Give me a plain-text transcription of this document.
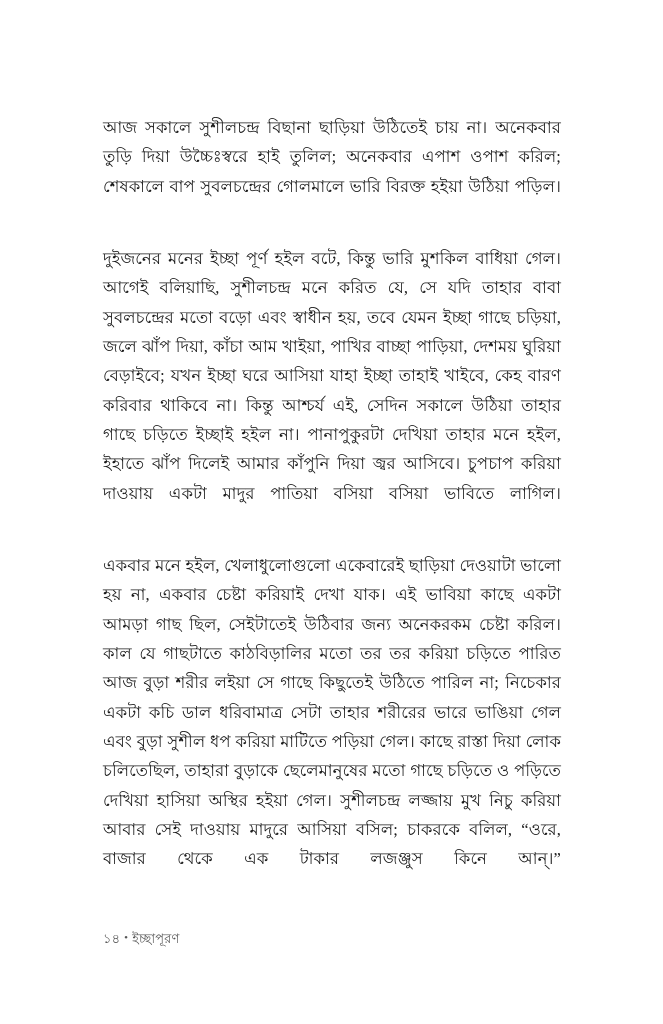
আজ সকালে সুশীলচন্দ্র বিছানা ছাড়িয়া উঠিতেই চায় না। অনেকবার তুড়ি দিয়া উচ্চৈঃস্বরে হাই তুলিল; অনেকবার এপাশ ওপাশ করিল; শেষকালে বাপ সুবলচন্দ্রের গোলমালে ভারি বিরক্ত হইয়া উঠিয়া পড়িল।

দুইজনের মনের ইচ্ছা পূর্ণ হইল বটে, কিন্তু ভারি মুশকিল বাধিয়া গেল। আগেই বলিয়াছি, সুশীলচন্দ্র মনে করিত যে, সে যদি তাহার বাবা সুবলচন্দ্রের মতো বড়ো এবং স্বাধীন হয়, তবে যেমন ইচ্ছা গাছে চড়িয়া, জলে ঝাঁপ দিয়া, কাঁচা আম খাইয়া, পাখির বাচ্ছা পাড়িয়া, দেশময় ঘুরিয়া বেড়াইবে; যখন ইচ্ছা ঘরে আসিয়া যাহা ইচ্ছা তাহাই খাইবে, কেহ বারণ করিবার থাকিবে না। কিন্তু আশ্চর্য এই, সেদিন সকালে উঠিয়া তাহার গাছে চড়িতে ইচ্ছাই হইল না। পানাপুকুরটা দেখিয়া তাহার মনে হইল, ইহাতে ঝাঁপ দিলেই আমার কাঁপুনি দিয়া জ্বর আসিবে। চুপচাপ করিয়া দাওয়ায় একটা মাদুর পাতিয়া বসিয়া বসিয়া ভাবিতে লাগিল।

একবার মনে হইল, খেলাধুলোগুলো একেবারেই ছাড়িয়া দেওয়াটা ভালো হয় না, একবার চেষ্টা করিয়াই দেখা যাক। এই ভাবিয়া কাছে একটা আমড়া গাছ ছিল, সেইটাতেই উঠিবার জন্য অনেকরকম চেষ্টা করিল। কাল যে গাছটাতে কাঠবিড়ালির মতো তর তর করিয়া চড়িতে পারিত আজ বুড়া শরীর লইয়া সে গাছে কিছুতেই উঠিতে পারিল না; নিচেকার একটা কচি ডাল ধরিবামাত্র সেটা তাহার শরীরের ভারে ভাঙিয়া গেল এবং বুড়া সুশীল ধপ করিয়া মাটিতে পড়িয়া গেল। কাছে রাস্তা দিয়া লোক চলিতেছিল, তাহারা বুড়াকে ছেলেমানুষের মতো গাছে চড়িতে ও পড়িতে দেখিয়া হাসিয়া অস্থির হইয়া গেল। সুশীলচন্দ্র লজ্জায় মুখ নিচু করিয়া আবার সেই দাওয়ায় মাদুরে আসিয়া বসিল; চাকরকে বলিল, “ওরে, বাজার থেকে এক টাকার লজঞ্জুস কিনে আন্।”

১৪ • ইচ্ছাপূরণ
